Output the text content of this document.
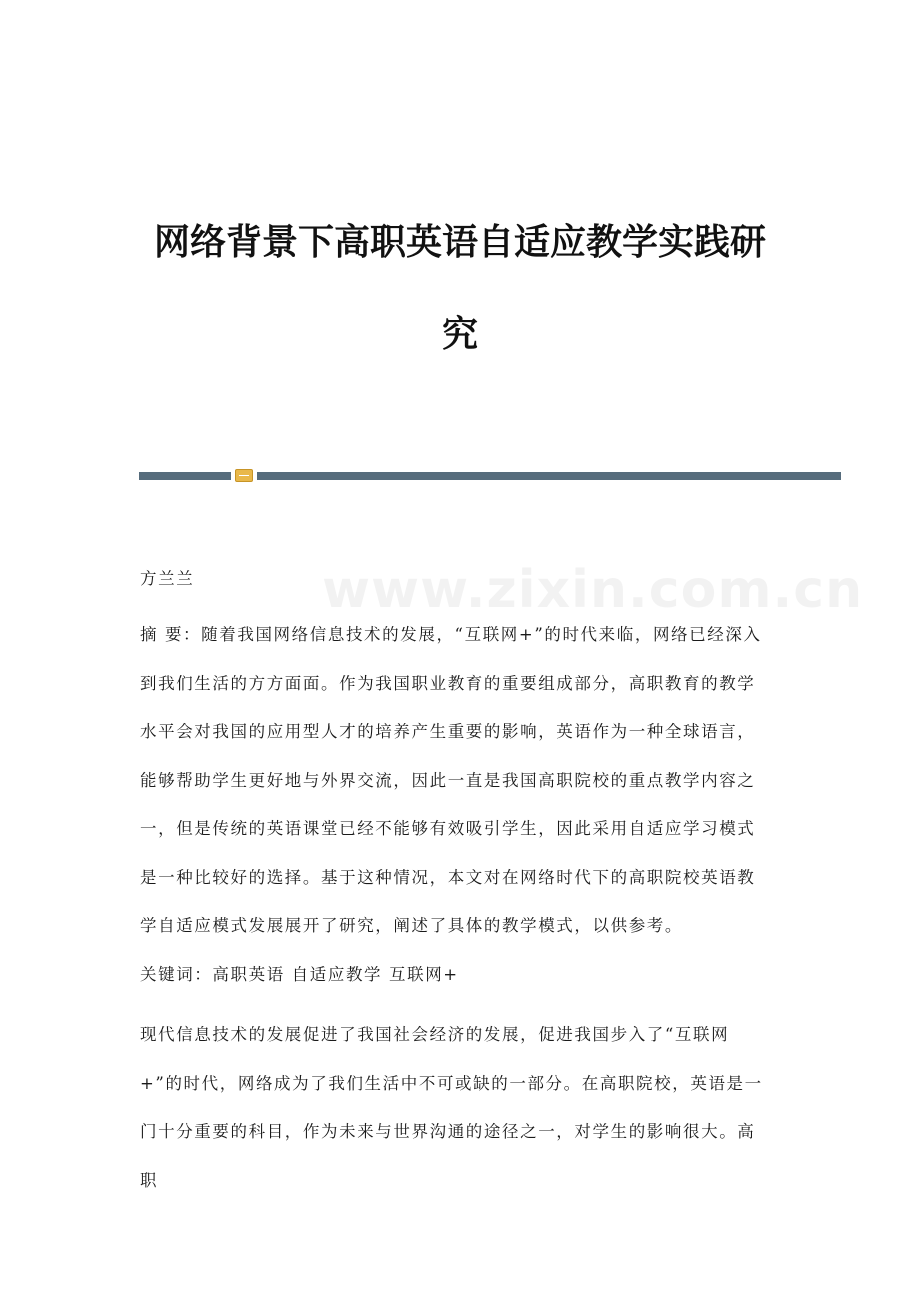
网络背景下高职英语自适应教学实践研究
www.zixin.com.cn

方兰兰

摘 要：随着我国网络信息技术的发展，“互联网+”的时代来临，网络已经深入到我们生活的方方面面。作为我国职业教育的重要组成部分，高职教育的教学水平会对我国的应用型人才的培养产生重要的影响，英语作为一种全球语言，能够帮助学生更好地与外界交流，因此一直是我国高职院校的重点教学内容之一，但是传统的英语课堂已经不能够有效吸引学生，因此采用自适应学习模式是一种比较好的选择。基于这种情况，本文对在网络时代下的高职院校英语教学自适应模式发展展开了研究，阐述了具体的教学模式，以供参考。

关键词：高职英语 自适应教学 互联网+

现代信息技术的发展促进了我国社会经济的发展，促进我国步入了“互联网+”的时代，网络成为了我们生活中不可或缺的一部分。在高职院校，英语是一门十分重要的科目，作为未来与世界沟通的途径之一，对学生的影响很大。高职
